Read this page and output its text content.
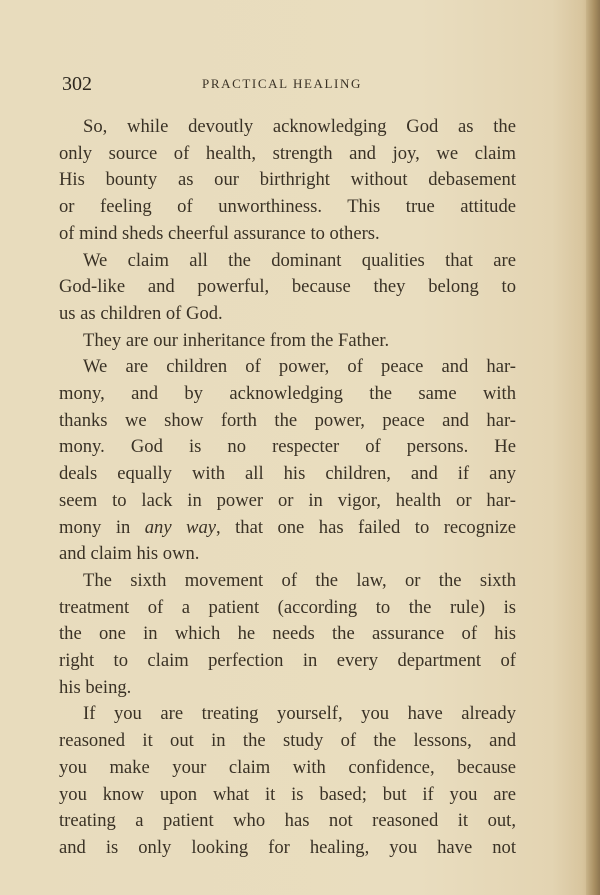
302	PRACTICAL HEALING

So, while devoutly acknowledging God as the
only source of health, strength and joy, we claim
His bounty as our birthright without debasement
or feeling of unworthiness. This true attitude
of mind sheds cheerful assurance to others.

We claim all the dominant qualities that are
God-like and powerful, because they belong to
us as children of God.

They are our inheritance from the Father.

We are children of power, of peace and har-
mony, and by acknowledging the same with
thanks we show forth the power, peace and har-
mony. God is no respecter of persons. He
deals equally with all his children, and if any
seem to lack in power or in vigor, health or har-
mony in any way, that one has failed to recognize
and claim his own.

The sixth movement of the law, or the sixth
treatment of a patient (according to the rule) is
the one in which he needs the assurance of his
right to claim perfection in every department of
his being.

If you are treating yourself, you have already
reasoned it out in the study of the lessons, and
you make your claim with confidence, because
you know upon what it is based; but if you are
treating a patient who has not reasoned it out,
and is only looking for healing, you have not
